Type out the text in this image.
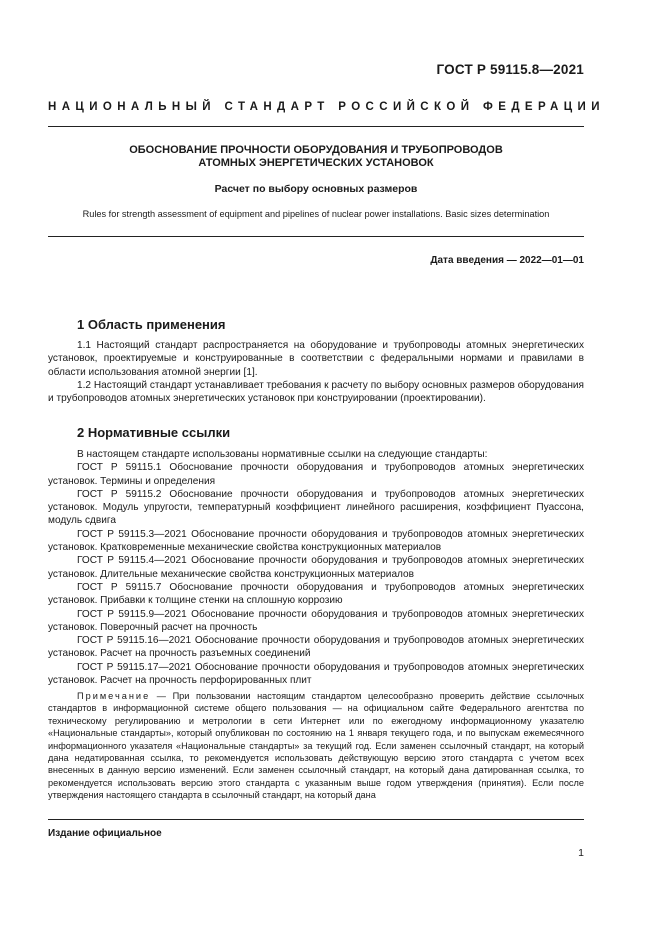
ГОСТ Р 59115.8—2021
НАЦИОНАЛЬНЫЙ СТАНДАРТ РОССИЙСКОЙ ФЕДЕРАЦИИ
ОБОСНОВАНИЕ ПРОЧНОСТИ ОБОРУДОВАНИЯ И ТРУБОПРОВОДОВ
АТОМНЫХ ЭНЕРГЕТИЧЕСКИХ УСТАНОВОК
Расчет по выбору основных размеров
Rules for strength assessment of equipment and pipelines of nuclear power installations. Basic sizes determination
Дата введения — 2022—01—01
1 Область применения

1.1 Настоящий стандарт распространяется на оборудование и трубопроводы атомных энергетических установок, проектируемые и конструированные в соответствии с федеральными нормами и правилами в области использования атомной энергии [1].

1.2 Настоящий стандарт устанавливает требования к расчету по выбору основных размеров оборудования и трубопроводов атомных энергетических установок при конструировании (проектировании).

2 Нормативные ссылки

В настоящем стандарте использованы нормативные ссылки на следующие стандарты:

ГОСТ Р 59115.1 Обоснование прочности оборудования и трубопроводов атомных энергетических установок. Термины и определения

ГОСТ Р 59115.2 Обоснование прочности оборудования и трубопроводов атомных энергетических установок. Модуль упругости, температурный коэффициент линейного расширения, коэффициент Пуассона, модуль сдвига

ГОСТ Р 59115.3—2021 Обоснование прочности оборудования и трубопроводов атомных энергетических установок. Кратковременные механические свойства конструкционных материалов

ГОСТ Р 59115.4—2021 Обоснование прочности оборудования и трубопроводов атомных энергетических установок. Длительные механические свойства конструкционных материалов

ГОСТ Р 59115.7 Обоснование прочности оборудования и трубопроводов атомных энергетических установок. Прибавки к толщине стенки на сплошную коррозию

ГОСТ Р 59115.9—2021 Обоснование прочности оборудования и трубопроводов атомных энергетических установок. Поверочный расчет на прочность

ГОСТ Р 59115.16—2021 Обоснование прочности оборудования и трубопроводов атомных энергетических установок. Расчет на прочность разъемных соединений

ГОСТ Р 59115.17—2021 Обоснование прочности оборудования и трубопроводов атомных энергетических установок. Расчет на прочность перфорированных плит

Примечание — При пользовании настоящим стандартом целесообразно проверить действие ссылочных стандартов в информационной системе общего пользования — на официальном сайте Федерального агентства по техническому регулированию и метрологии в сети Интернет или по ежегодному информационному указателю «Национальные стандарты», который опубликован по состоянию на 1 января текущего года, и по выпускам ежемесячного информационного указателя «Национальные стандарты» за текущий год. Если заменен ссылочный стандарт, на который дана недатированная ссылка, то рекомендуется использовать действующую версию этого стандарта с учетом всех внесенных в данную версию изменений. Если заменен ссылочный стандарт, на который дана датированная ссылка, то рекомендуется использовать версию этого стандарта с указанным выше годом утверждения (принятия). Если после утверждения настоящего стандарта в ссылочный стандарт, на который дана
Издание официальное
1
